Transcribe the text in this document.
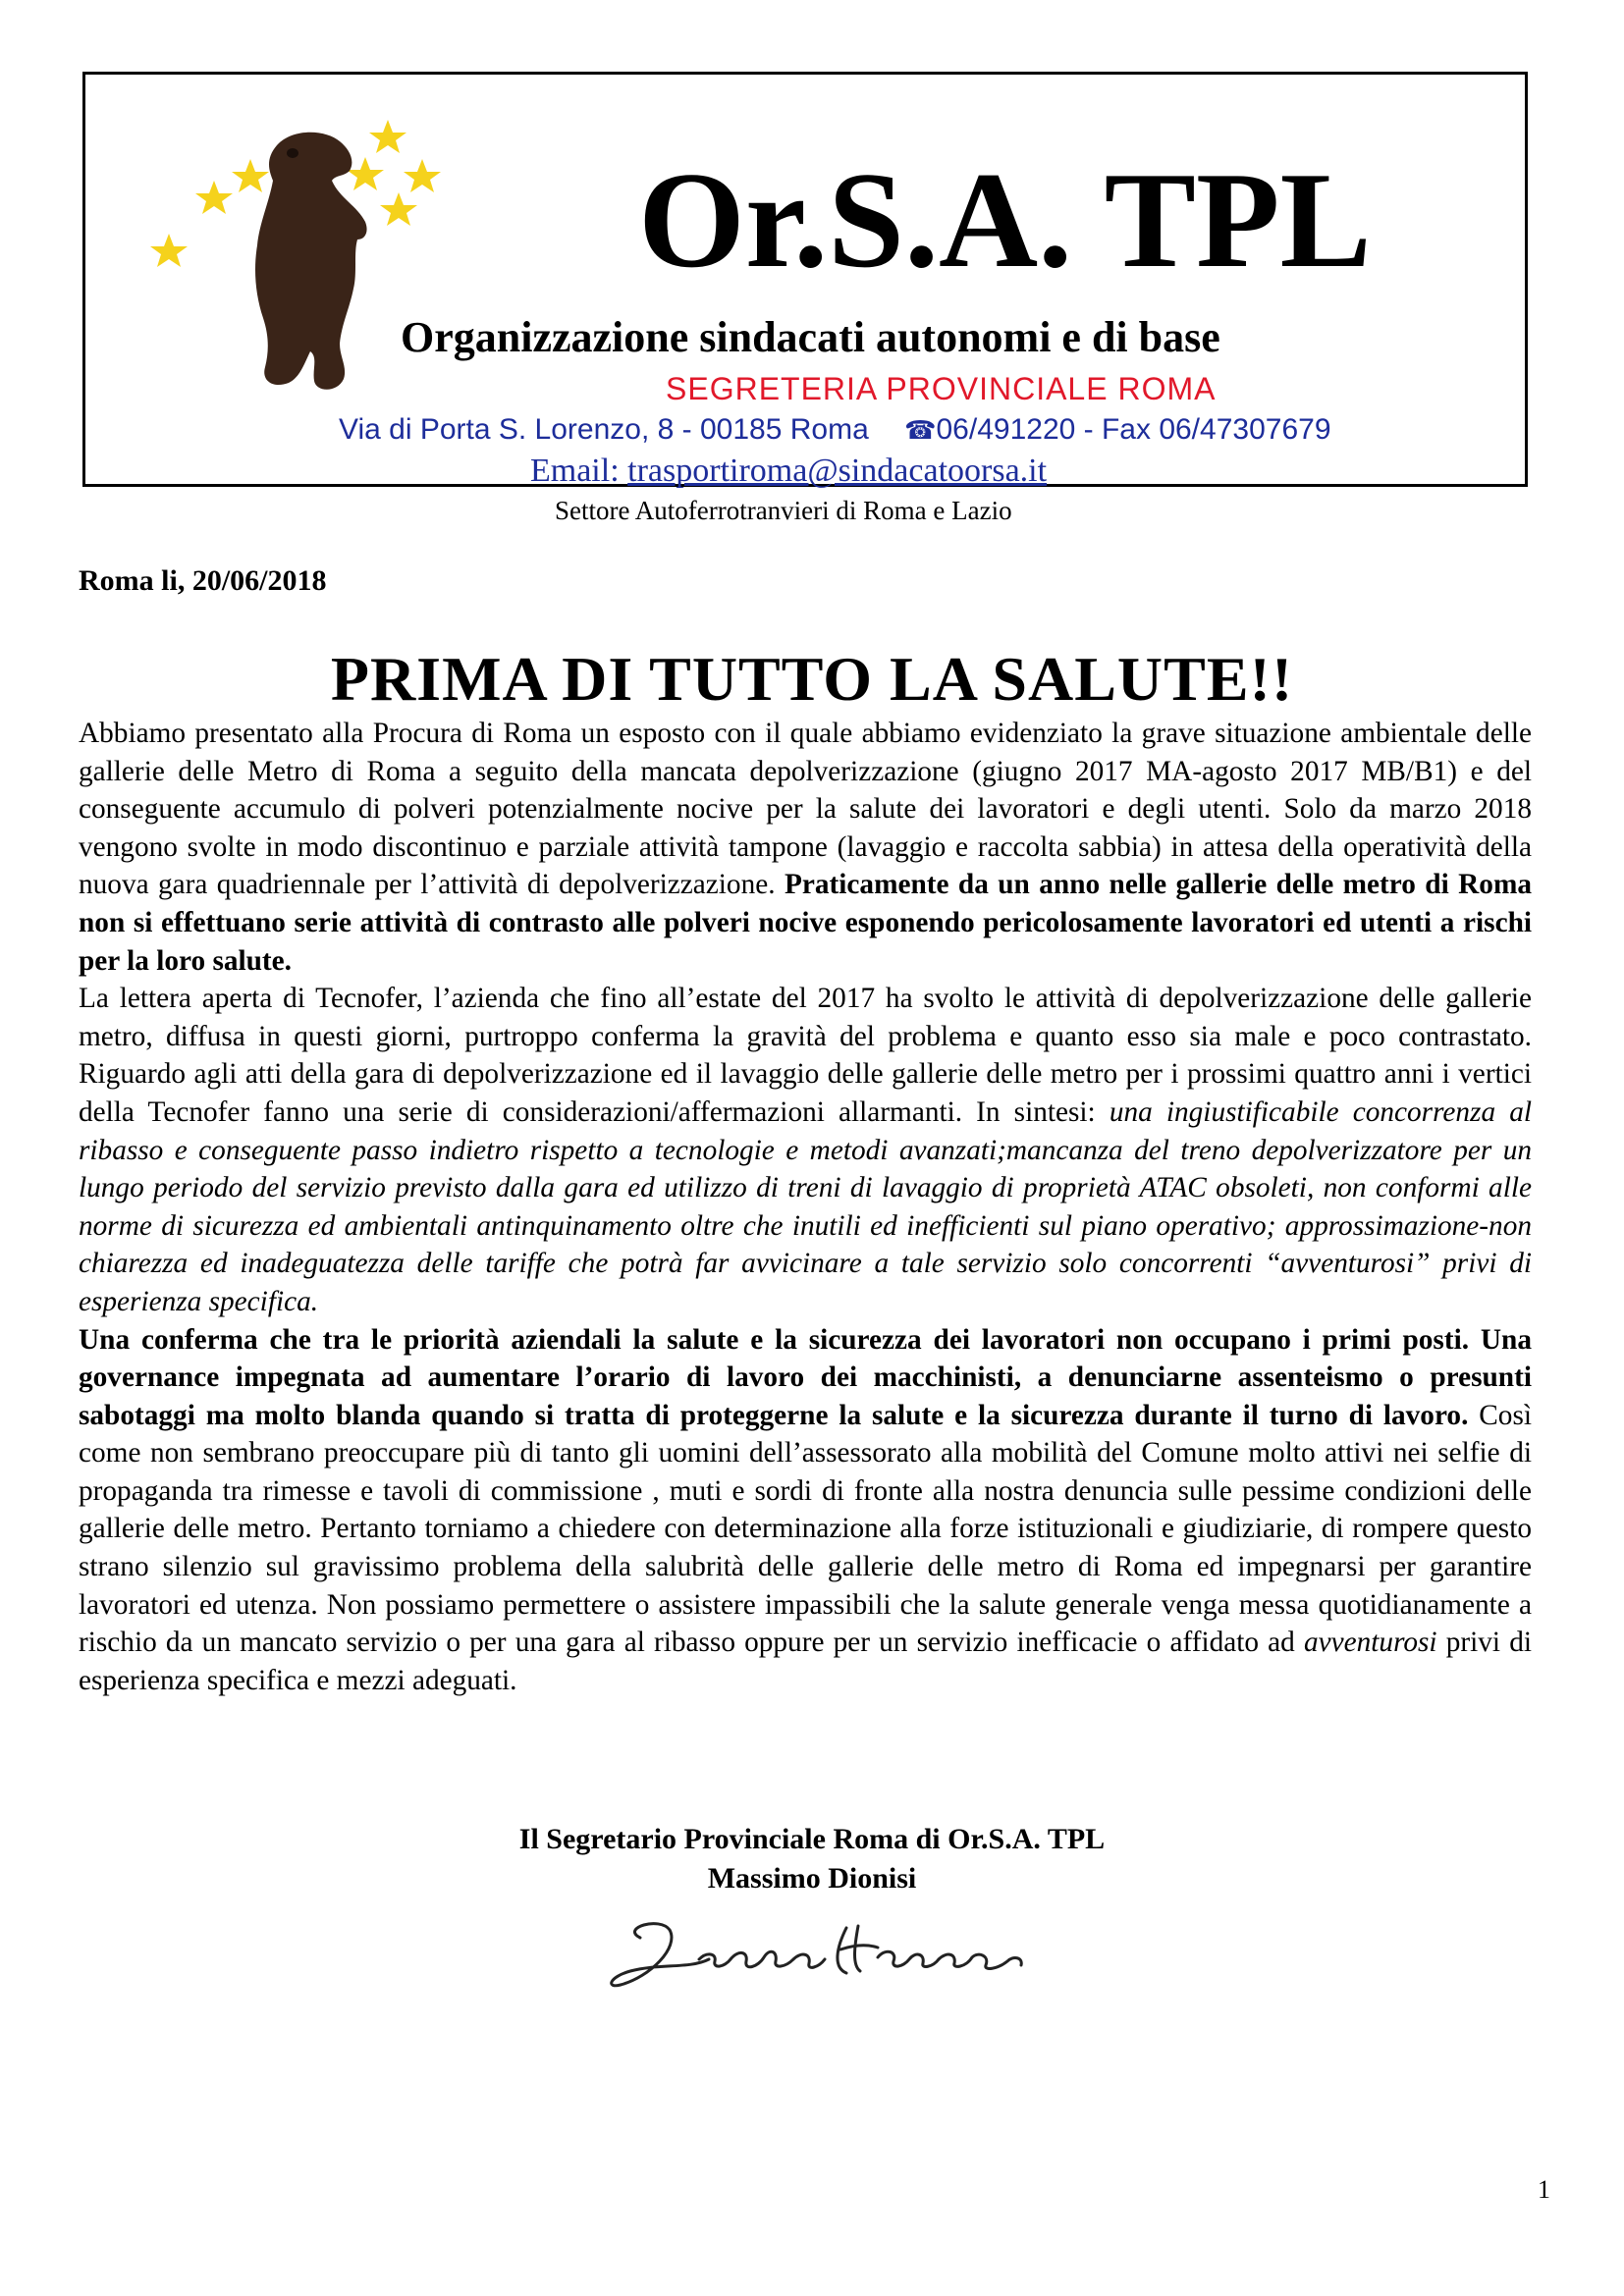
Or.S.A. TPL
Organizzazione sindacati autonomi e di base
SEGRETERIA PROVINCIALE ROMA
Via di Porta S. Lorenzo, 8 - 00185 Roma ☎06/491220 - Fax 06/47307679
Email: trasportiroma@sindacatoorsa.it
Settore Autoferrotranvieri di Roma e Lazio
Roma li, 20/06/2018
PRIMA DI TUTTO LA SALUTE!!

Abbiamo presentato alla Procura di Roma un esposto con il quale abbiamo evidenziato la grave situazione ambientale delle gallerie delle Metro di Roma a seguito della mancata depolverizzazione (giugno 2017 MA-agosto 2017 MB/B1) e del conseguente accumulo di polveri potenzialmente nocive per la salute dei lavoratori e degli utenti. Solo da marzo 2018 vengono svolte in modo discontinuo e parziale attività tampone (lavaggio e raccolta sabbia) in attesa della operatività della nuova gara quadriennale per l’attività di depolverizzazione. Praticamente da un anno nelle gallerie delle metro di Roma non si effettuano serie attività di contrasto alle polveri nocive esponendo pericolosamente lavoratori ed utenti a rischi per la loro salute.

La lettera aperta di Tecnofer, l’azienda che fino all’estate del 2017 ha svolto le attività di depolverizzazione delle gallerie metro, diffusa in questi giorni, purtroppo conferma la gravità del problema e quanto esso sia male e poco contrastato. Riguardo agli atti della gara di depolverizzazione ed il lavaggio delle gallerie delle metro per i prossimi quattro anni i vertici della Tecnofer fanno una serie di considerazioni/affermazioni allarmanti. In sintesi: una ingiustificabile concorrenza al ribasso e conseguente passo indietro rispetto a tecnologie e metodi avanzati;mancanza del treno depolverizzatore per un lungo periodo del servizio previsto dalla gara ed utilizzo di treni di lavaggio di proprietà ATAC obsoleti, non conformi alle norme di sicurezza ed ambientali antinquinamento oltre che inutili ed inefficienti sul piano operativo; approssimazione-non chiarezza ed inadeguatezza delle tariffe che potrà far avvicinare a tale servizio solo concorrenti “avventurosi” privi di esperienza specifica.

Una conferma che tra le priorità aziendali la salute e la sicurezza dei lavoratori non occupano i primi posti. Una governance impegnata ad aumentare l’orario di lavoro dei macchinisti, a denunciarne assenteismo o presunti sabotaggi ma molto blanda quando si tratta di proteggerne la salute e la sicurezza durante il turno di lavoro. Così come non sembrano preoccupare più di tanto gli uomini dell’assessorato alla mobilità del Comune molto attivi nei selfie di propaganda tra rimesse e tavoli di commissione , muti e sordi di fronte alla nostra denuncia sulle pessime condizioni delle gallerie delle metro. Pertanto torniamo a chiedere con determinazione alla forze istituzionali e giudiziarie, di rompere questo strano silenzio sul gravissimo problema della salubrità delle gallerie delle metro di Roma ed impegnarsi per garantire lavoratori ed utenza. Non possiamo permettere o assistere impassibili che la salute generale venga messa quotidianamente a rischio da un mancato servizio o per una gara al ribasso oppure per un servizio inefficacie o affidato ad avventurosi privi di esperienza specifica e mezzi adeguati.

Il Segretario Provinciale Roma di Or.S.A. TPL
Massimo Dionisi
1
